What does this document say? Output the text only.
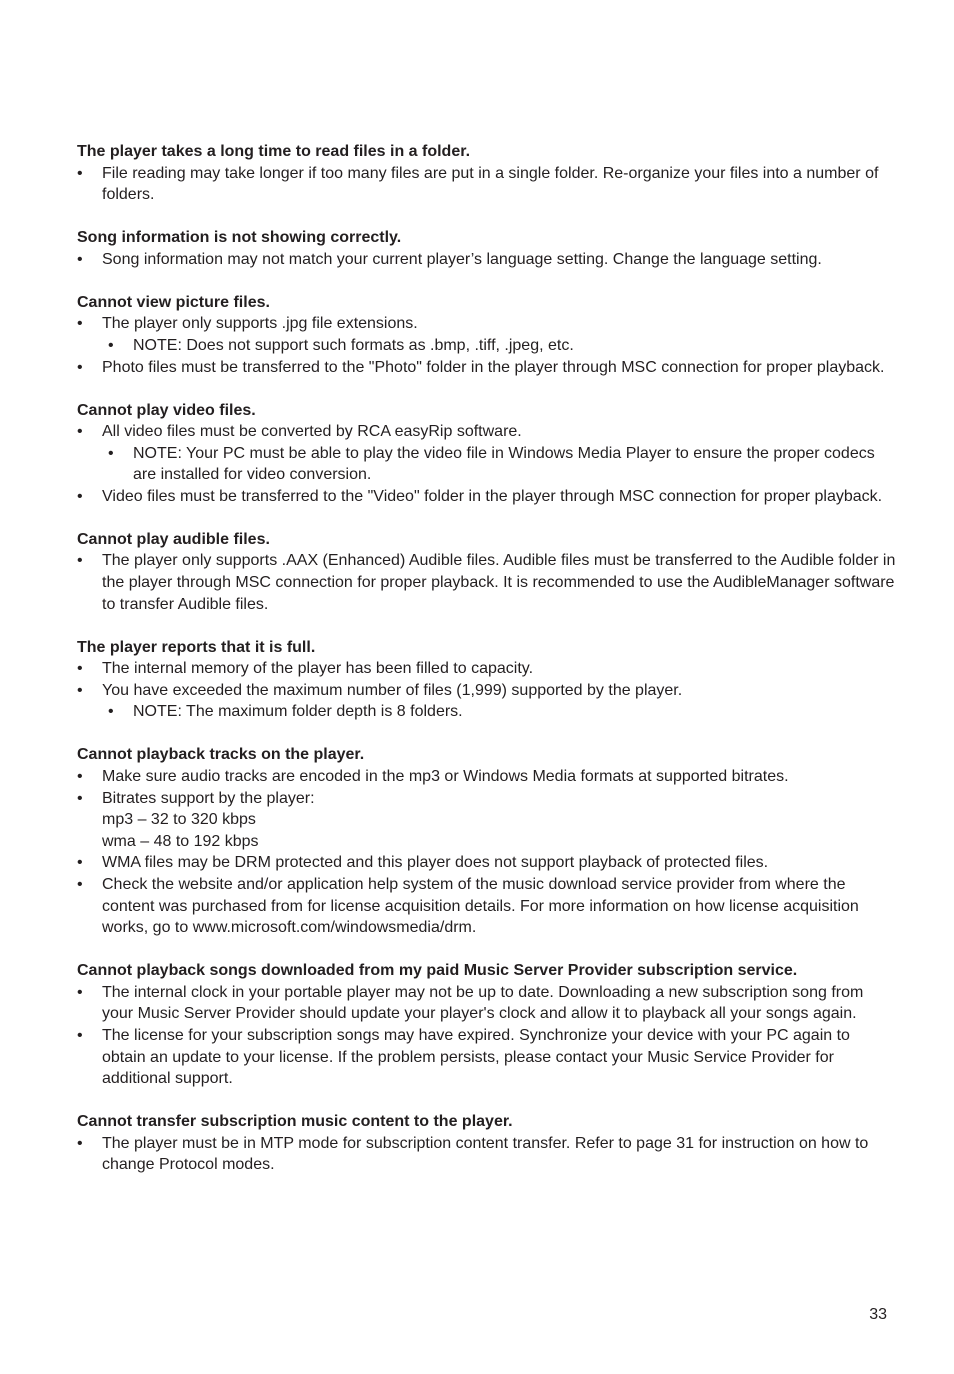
The player takes a long time to read files in a folder.

• File reading may take longer if too many files are put in a single folder. Re-organize your files into a number of folders.

Song information is not showing correctly.

• Song information may not match your current player’s language setting. Change the language setting.

Cannot view picture files.

• The player only supports .jpg file extensions.
• NOTE: Does not support such formats as .bmp, .tiff, .jpeg, etc.
• Photo files must be transferred to the "Photo" folder in the player through MSC connection for proper playback.

Cannot play video files.

• All video files must be converted by RCA easyRip software.
• NOTE: Your PC must be able to play the video file in Windows Media Player to ensure the proper codecs are installed for video conversion.
• Video files must be transferred to the "Video" folder in the player through MSC connection for proper playback.

Cannot play audible files.

• The player only supports .AAX (Enhanced) Audible files. Audible files must be transferred to the Audible folder in the player through MSC connection for proper playback. It is recommended to use the AudibleManager software to transfer Audible files.

The player reports that it is full.

• The internal memory of the player has been filled to capacity.
• You have exceeded the maximum number of files (1,999) supported by the player.
• NOTE: The maximum folder depth is 8 folders.

Cannot playback tracks on the player.

• Make sure audio tracks are encoded in the mp3 or Windows Media formats at supported bitrates.
• Bitrates support by the player:
mp3 – 32 to 320 kbps
wma – 48 to 192 kbps
• WMA files may be DRM protected and this player does not support playback of protected files.
• Check the website and/or application help system of the music download service provider from where the content was purchased from for license acquisition details. For more information on how license acquisition works, go to www.microsoft.com/windowsmedia/drm.

Cannot playback songs downloaded from my paid Music Server Provider subscription service.

• The internal clock in your portable player may not be up to date. Downloading a new subscription song from your Music Server Provider should update your player's clock and allow it to playback all your songs again.
• The license for your subscription songs may have expired. Synchronize your device with your PC again to obtain an update to your license. If the problem persists, please contact your Music Service Provider for additional support.

Cannot transfer subscription music content to the player.

• The player must be in MTP mode for subscription content transfer. Refer to page 31 for instruction on how to change Protocol modes.
33
